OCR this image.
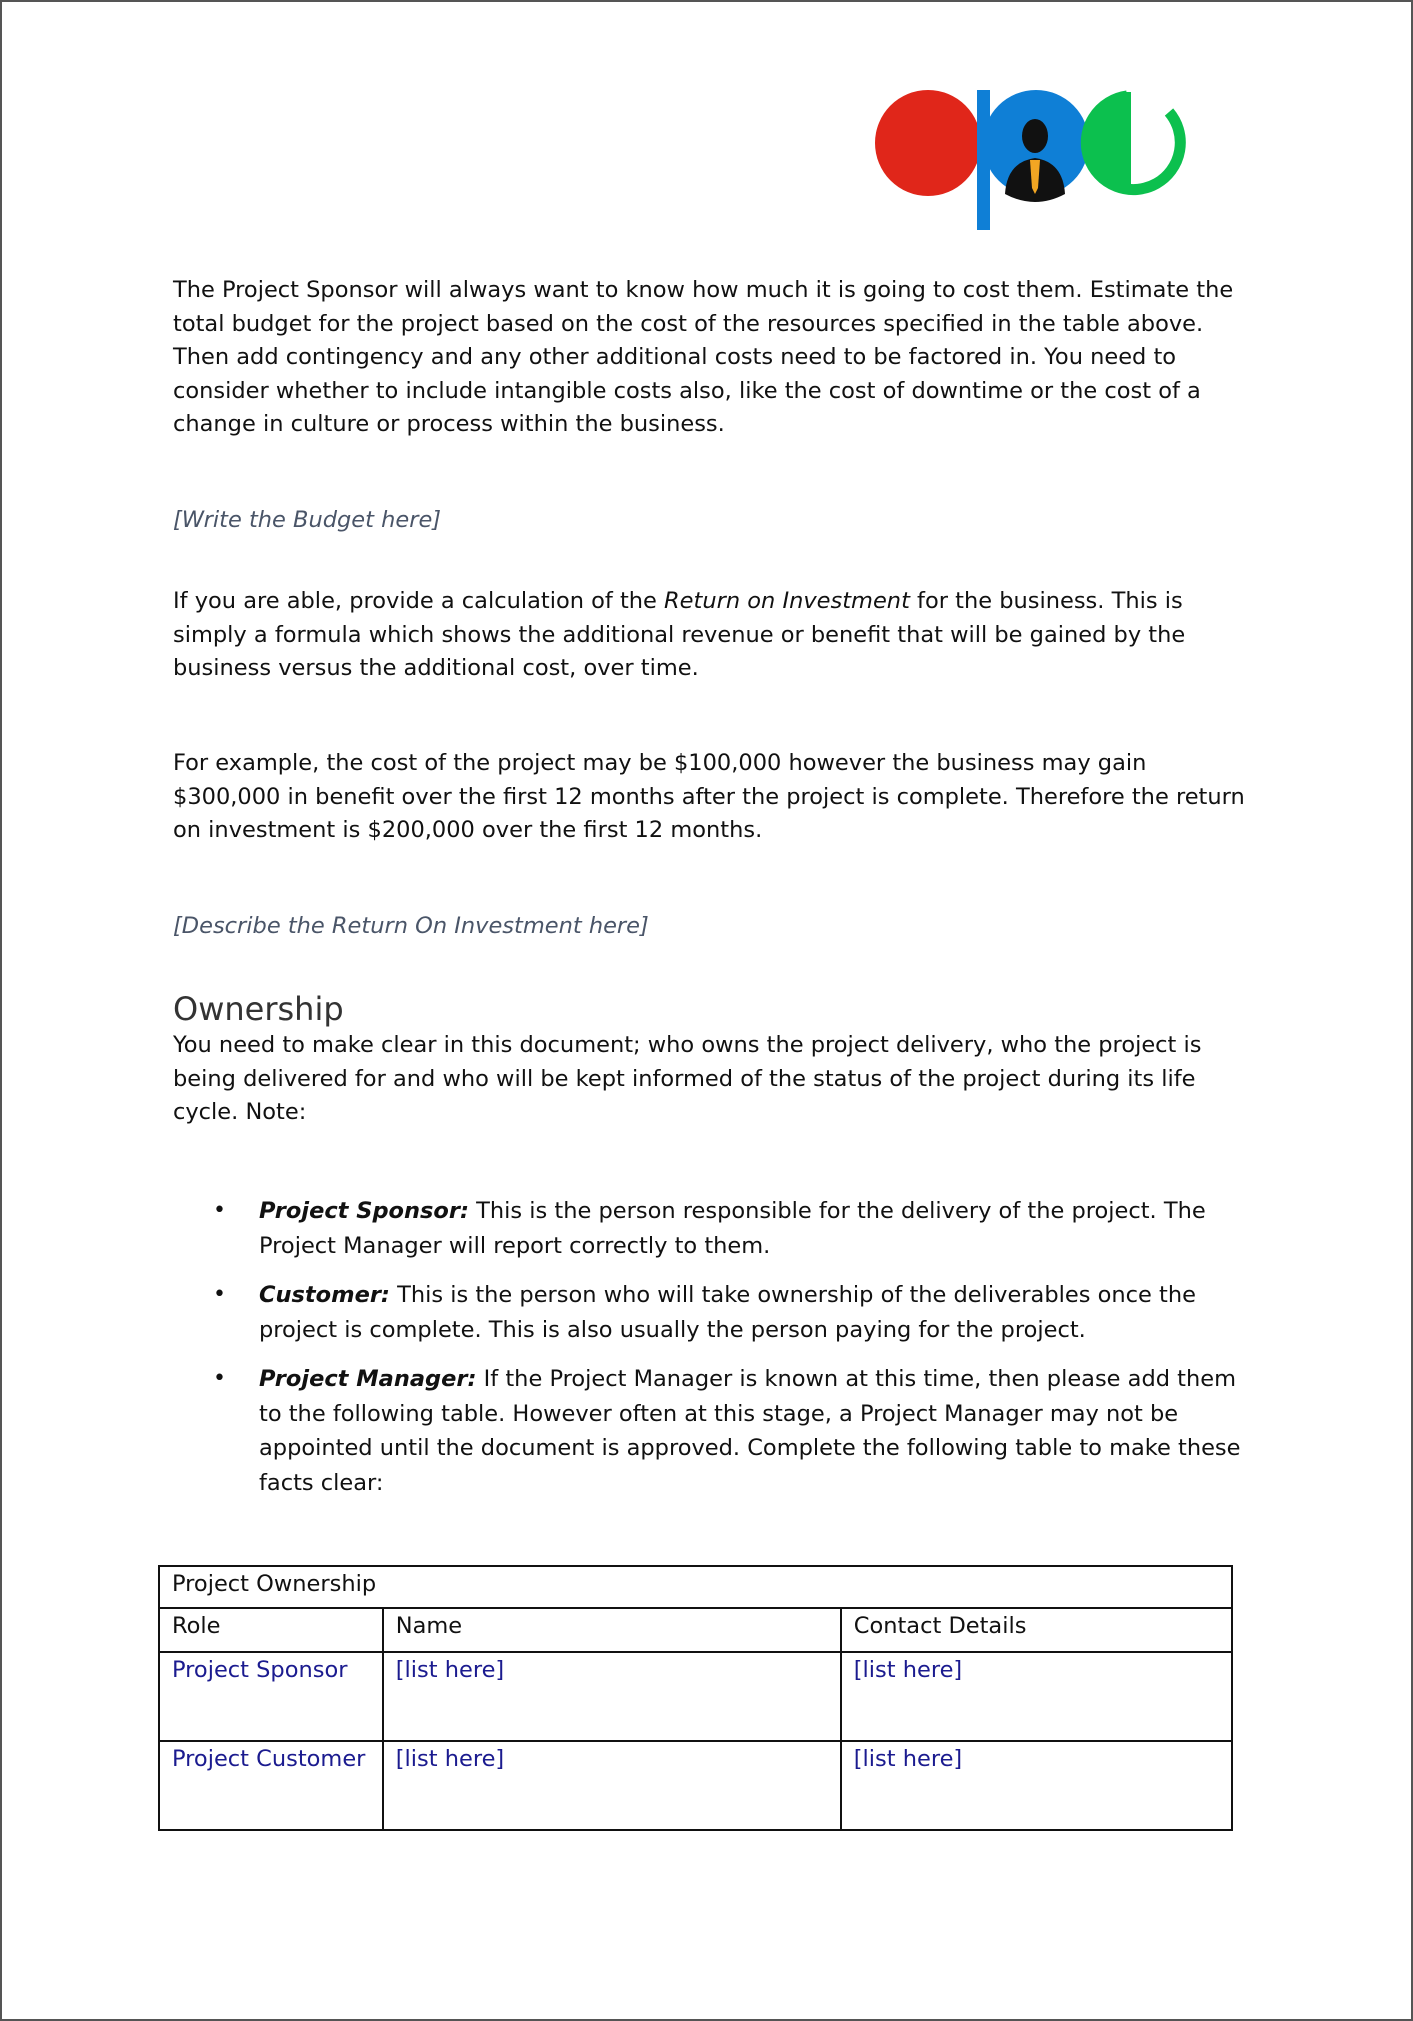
The Project Sponsor will always want to know how much it is going to cost them. Estimate the total budget for the project based on the cost of the resources specified in the table above. Then add contingency and any other additional costs need to be factored in. You need to consider whether to include intangible costs also, like the cost of downtime or the cost of a change in culture or process within the business.

[Write the Budget here]

If you are able, provide a calculation of the Return on Investment for the business. This is simply a formula which shows the additional revenue or benefit that will be gained by the business versus the additional cost, over time.

For example, the cost of the project may be $100,000 however the business may gain $300,000 in benefit over the first 12 months after the project is complete. Therefore the return on investment is $200,000 over the first 12 months.

[Describe the Return On Investment here]

Ownership

You need to make clear in this document; who owns the project delivery, who the project is being delivered for and who will be kept informed of the status of the project during its life cycle. Note:

• Project Sponsor: This is the person responsible for the delivery of the project. The Project Manager will report correctly to them.
• Customer: This is the person who will take ownership of the deliverables once the project is complete. This is also usually the person paying for the project.
• Project Manager: If the Project Manager is known at this time, then please add them to the following table. However often at this stage, a Project Manager may not be appointed until the document is approved. Complete the following table to make these facts clear:
Project Ownership		
Role	Name	Contact Details
Project Sponsor	[list here]	[list here]
Project Customer	[list here]	[list here]
